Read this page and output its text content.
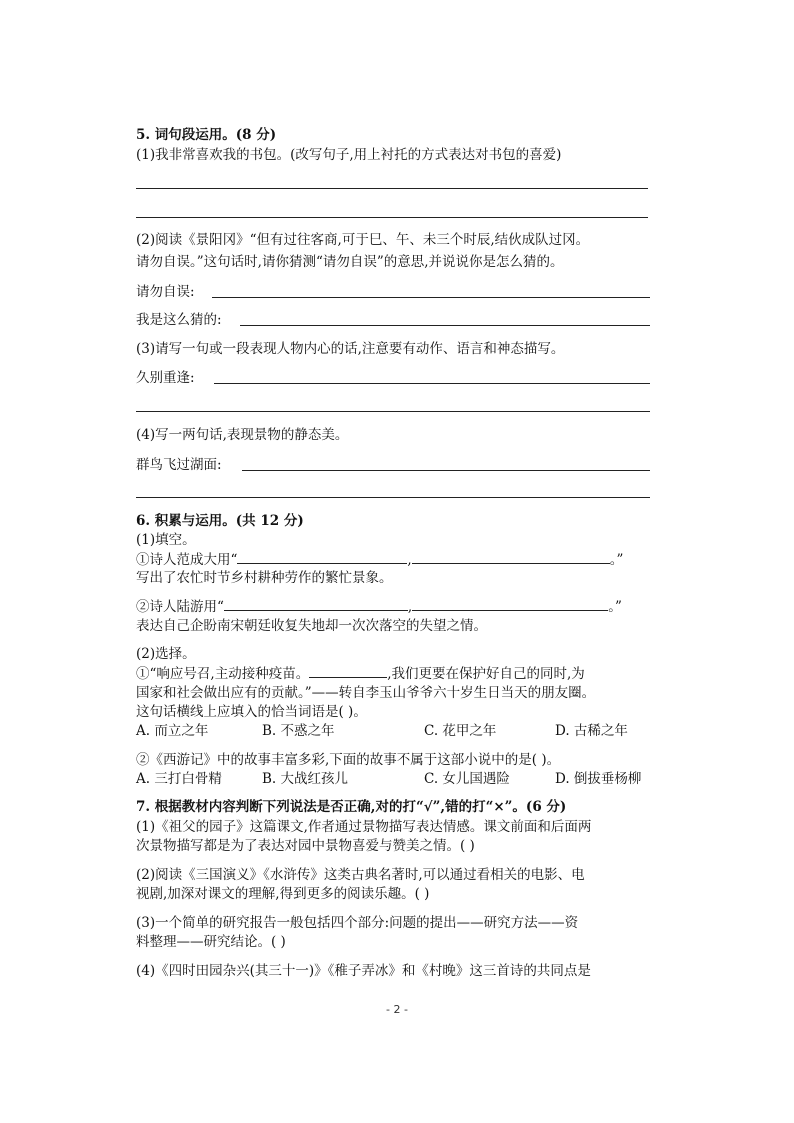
5. 词句段运用。(8 分)
(1)我非常喜欢我的书包。(改写句子,用上衬托的方式表达对书包的喜爱)
(2)阅读《景阳冈》“但有过往客商,可于巳、午、未三个时辰,结伙成队过冈。
请勿自误。”这句话时,请你猜测“请勿自误”的意思,并说说你是怎么猜的。
请勿自误:
我是这么猜的:
(3)请写一句或一段表现人物内心的话,注意要有动作、语言和神态描写。
久别重逢:
(4)写一两句话,表现景物的静态美。
群鸟飞过湖面:
6. 积累与运用。(共 12 分)
(1)填空。
①诗人范成大用“	,	。”
写出了农忙时节乡村耕种劳作的繁忙景象。
②诗人陆游用“	,	。”
表达自己企盼南宋朝廷收复失地却一次次落空的失望之情。
(2)选择。
①“响应号召,主动接种疫苗。	,我们更要在保护好自己的同时,为
国家和社会做出应有的贡献。”——转自李玉山爷爷六十岁生日当天的朋友圈。
这句话横线上应填入的恰当词语是( )。
A. 而立之年	B. 不惑之年	C. 花甲之年	D. 古稀之年
②《西游记》中的故事丰富多彩,下面的故事不属于这部小说中的是( )。
A. 三打白骨精	B. 大战红孩儿	C. 女儿国遇险	D. 倒拔垂杨柳
7. 根据教材内容判断下列说法是否正确,对的打“√”,错的打“×”。(6 分)
(1)《祖父的园子》这篇课文,作者通过景物描写表达情感。课文前面和后面两
次景物描写都是为了表达对园中景物喜爱与赞美之情。( )
(2)阅读《三国演义》《水浒传》这类古典名著时,可以通过看相关的电影、电
视剧,加深对课文的理解,得到更多的阅读乐趣。( )
(3)一个简单的研究报告一般包括四个部分:问题的提出——研究方法——资
料整理——研究结论。( )
(4)《四时田园杂兴(其三十一)》《稚子弄冰》和《村晚》这三首诗的共同点是
- 2 -
